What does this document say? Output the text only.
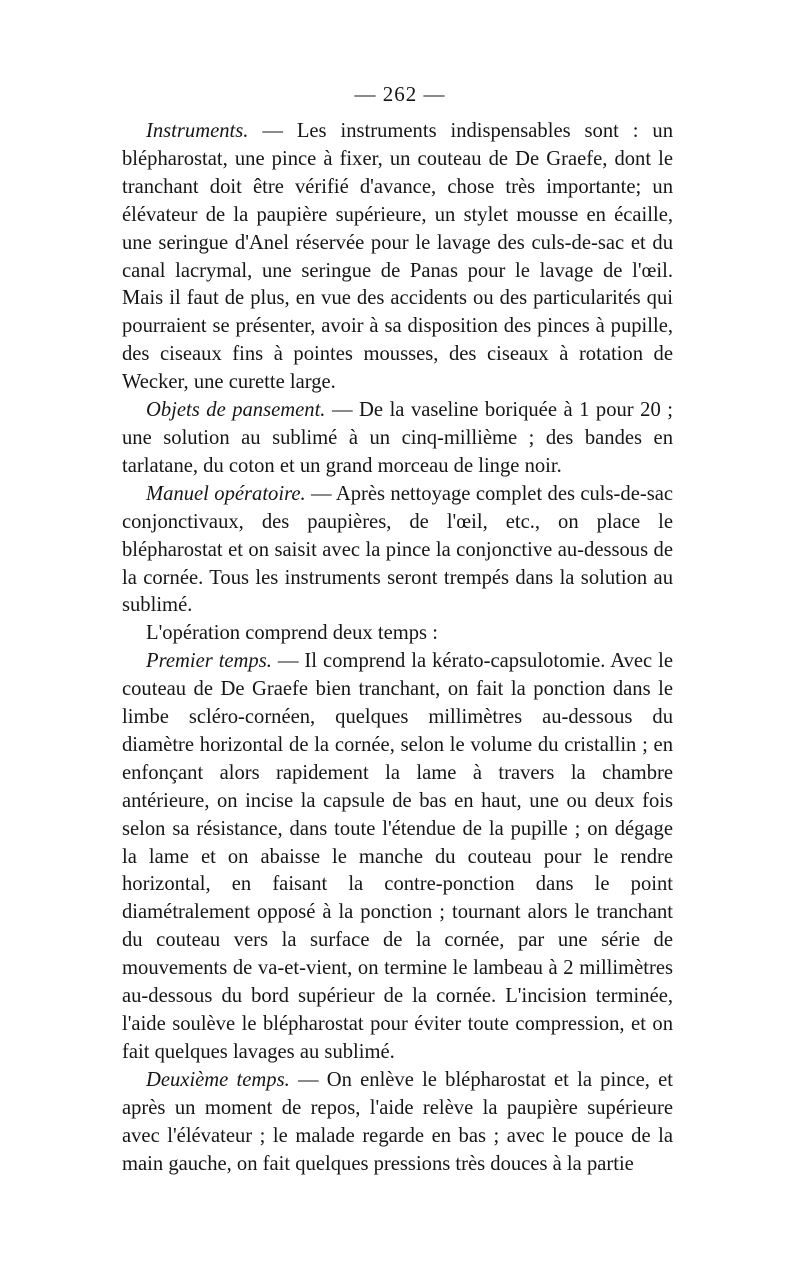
— 262 —

Instruments. — Les instruments indispensables sont : un blépharostat, une pince à fixer, un couteau de De Graefe, dont le tranchant doit être vérifié d'avance, chose très importante; un élévateur de la paupière supérieure, un stylet mousse en écaille, une seringue d'Anel réservée pour le lavage des culs-de-sac et du canal lacrymal, une seringue de Panas pour le lavage de l'œil. Mais il faut de plus, en vue des accidents ou des particularités qui pourraient se présenter, avoir à sa disposition des pinces à pupille, des ciseaux fins à pointes mousses, des ciseaux à rotation de Wecker, une curette large.

Objets de pansement. — De la vaseline boriquée à 1 pour 20 ; une solution au sublimé à un cinq-millième ; des bandes en tarlatane, du coton et un grand morceau de linge noir.

Manuel opératoire. — Après nettoyage complet des culs-de-sac conjonctivaux, des paupières, de l'œil, etc., on place le blépharostat et on saisit avec la pince la conjonctive au-dessous de la cornée. Tous les instruments seront trempés dans la solution au sublimé.

L'opération comprend deux temps :

Premier temps. — Il comprend la kérato-capsulotomie. Avec le couteau de De Graefe bien tranchant, on fait la ponction dans le limbe scléro-cornéen, quelques millimètres au-dessous du diamètre horizontal de la cornée, selon le volume du cristallin ; en enfonçant alors rapidement la lame à travers la chambre antérieure, on incise la capsule de bas en haut, une ou deux fois selon sa résistance, dans toute l'étendue de la pupille ; on dégage la lame et on abaisse le manche du couteau pour le rendre horizontal, en faisant la contre-ponction dans le point diamétralement opposé à la ponction ; tournant alors le tranchant du couteau vers la surface de la cornée, par une série de mouvements de va-et-vient, on termine le lambeau à 2 millimètres au-dessous du bord supérieur de la cornée. L'incision terminée, l'aide soulève le blépharostat pour éviter toute compression, et on fait quelques lavages au sublimé.

Deuxième temps. — On enlève le blépharostat et la pince, et après un moment de repos, l'aide relève la paupière supérieure avec l'élévateur ; le malade regarde en bas ; avec le pouce de la main gauche, on fait quelques pressions très douces à la partie
